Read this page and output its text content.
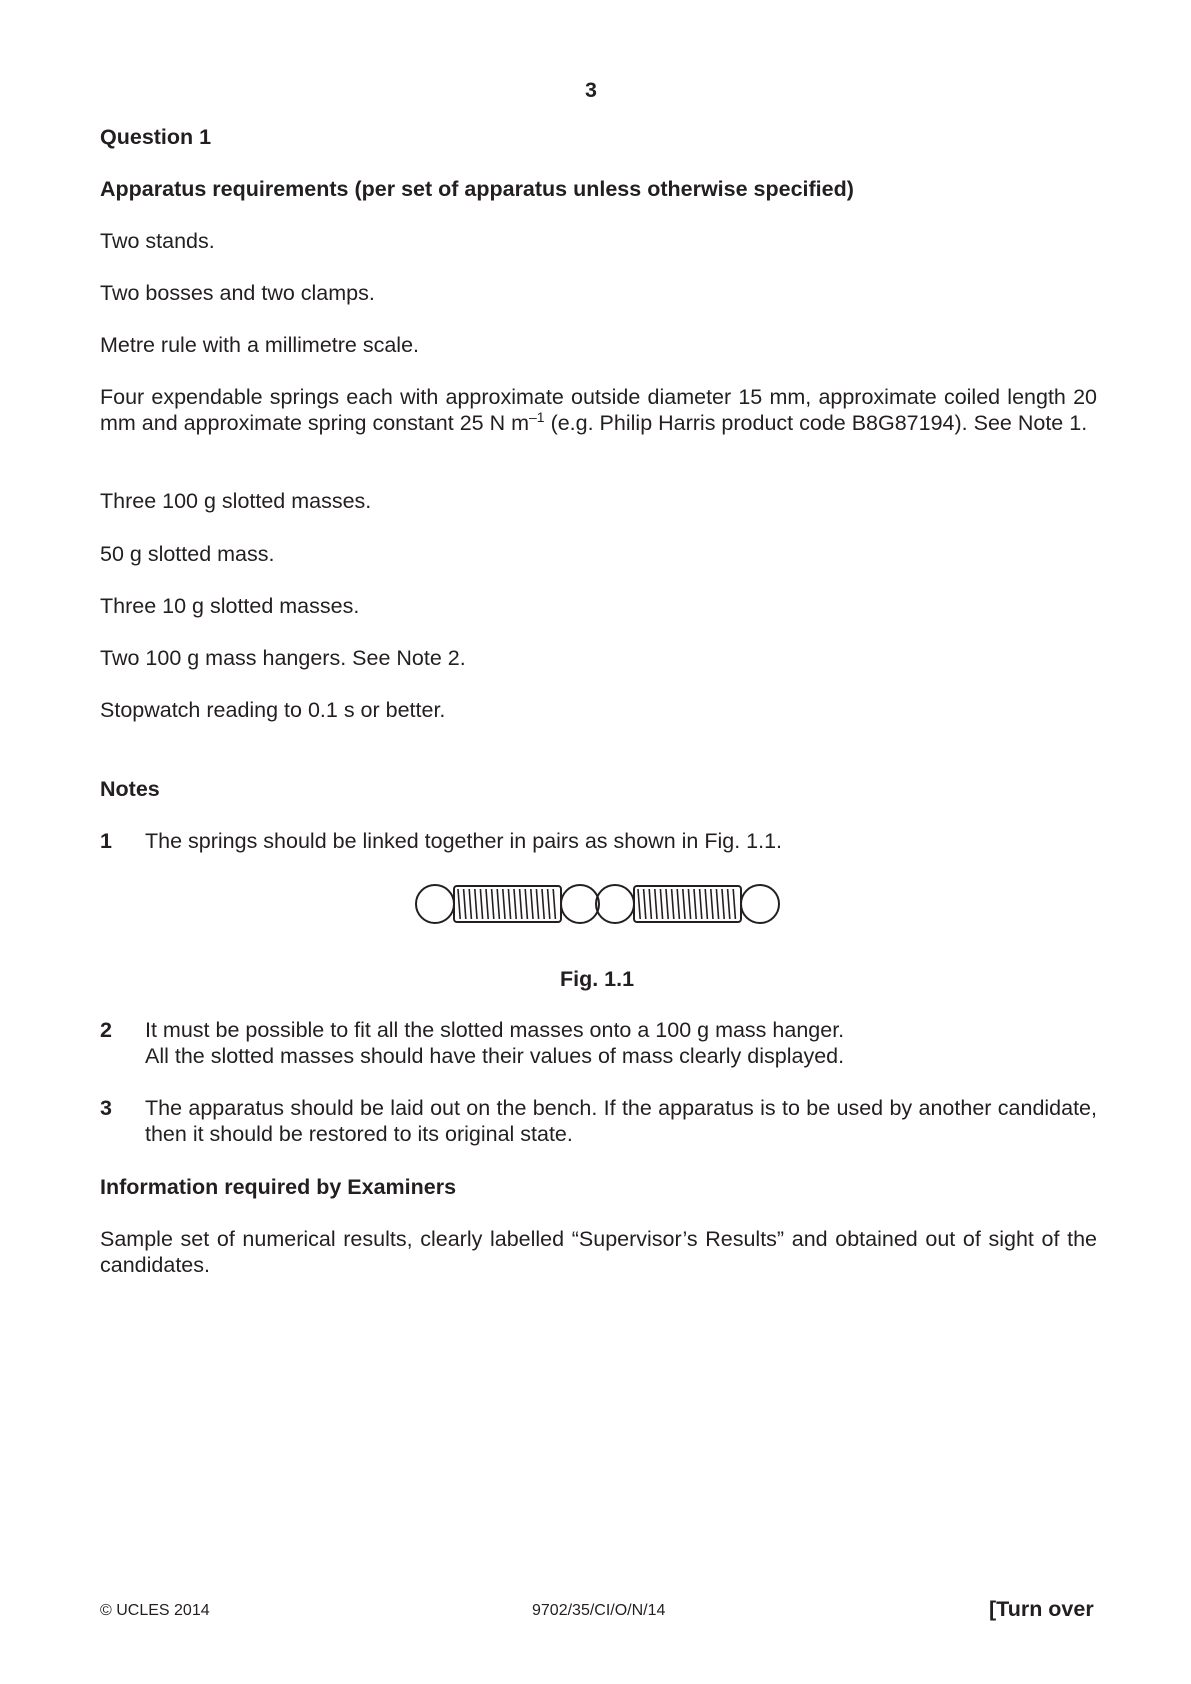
3
Question 1
Apparatus requirements (per set of apparatus unless otherwise specified)
Two stands.
Two bosses and two clamps.
Metre rule with a millimetre scale.
Four expendable springs each with approximate outside diameter 15 mm, approximate coiled length 20 mm and approximate spring constant 25 N $m^{-1}$ (e.g. Philip Harris product code B8G87194). See Note 1.
Three 100 g slotted masses.
50 g slotted mass.
Three 10 g slotted masses.
Two 100 g mass hangers. See Note 2.
Stopwatch reading to 0.1 s or better.
Notes
1 The springs should be linked together in pairs as shown in Fig. 1.1.
Fig. 1.1
2 It must be possible to fit all the slotted masses onto a 100 g mass hanger.
All the slotted masses should have their values of mass clearly displayed.
3 The apparatus should be laid out on the bench. If the apparatus is to be used by another candidate, then it should be restored to its original state.
Information required by Examiners
Sample set of numerical results, clearly labelled “Supervisor’s Results” and obtained out of sight of the candidates.
© UCLES 2014	9702/35/CI/O/N/14	[Turn over
